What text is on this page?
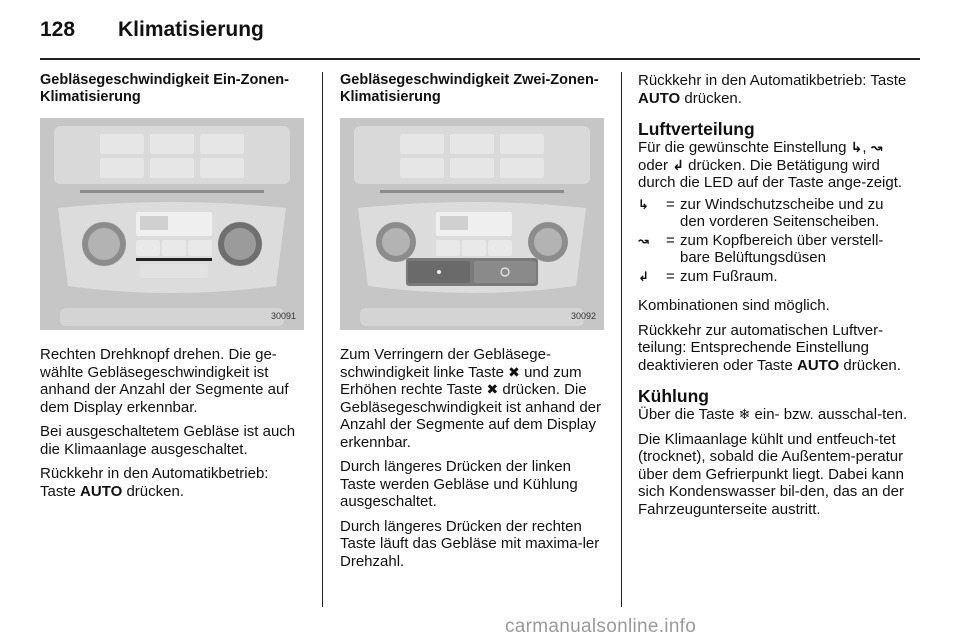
128 Klimatisierung
Gebläsegeschwindigkeit Ein-Zonen-Klimatisierung
30091

Rechten Drehknopf drehen. Die ge-wählte Gebläsegeschwindigkeit ist anhand der Anzahl der Segmente auf dem Display erkennbar.

Bei ausgeschaltetem Gebläse ist auch die Klimaanlage ausgeschaltet.

Rückkehr in den Automatikbetrieb: Taste AUTO drücken.

Gebläsegeschwindigkeit Zwei-Zonen-Klimatisierung
30092

Zum Verringern der Gebläsege-schwindigkeit linke Taste ✖ und zum Erhöhen rechte Taste ✖ drücken. Die Gebläsegeschwindigkeit ist anhand der Anzahl der Segmente auf dem Display erkennbar.

Durch längeres Drücken der linken Taste werden Gebläse und Kühlung ausgeschaltet.

Durch längeres Drücken der rechten Taste läuft das Gebläse mit maxima-ler Drehzahl.

Rückkehr in den Automatikbetrieb: Taste AUTO drücken.

Luftverteilung

Für die gewünschte Einstellung ↳, ↝ oder ↲ drücken. Die Betätigung wird durch die LED auf der Taste ange-zeigt.

↳	= zur Windschutzscheibe und zu den vorderen Seitenscheiben.
↝	= zum Kopfbereich über verstell-bare Belüftungsdüsen
↲	= zum Fußraum.

Kombinationen sind möglich.

Rückkehr zur automatischen Luftver-teilung: Entsprechende Einstellung deaktivieren oder Taste AUTO drücken.

Kühlung

Über die Taste ❄ ein- bzw. ausschal-ten.

Die Klimaanlage kühlt und entfeuch-tet (trocknet), sobald die Außentem-peratur über dem Gefrierpunkt liegt. Dabei kann sich Kondenswasser bil-den, das an der Fahrzeugunterseite austritt.

carmanualsonline.info
